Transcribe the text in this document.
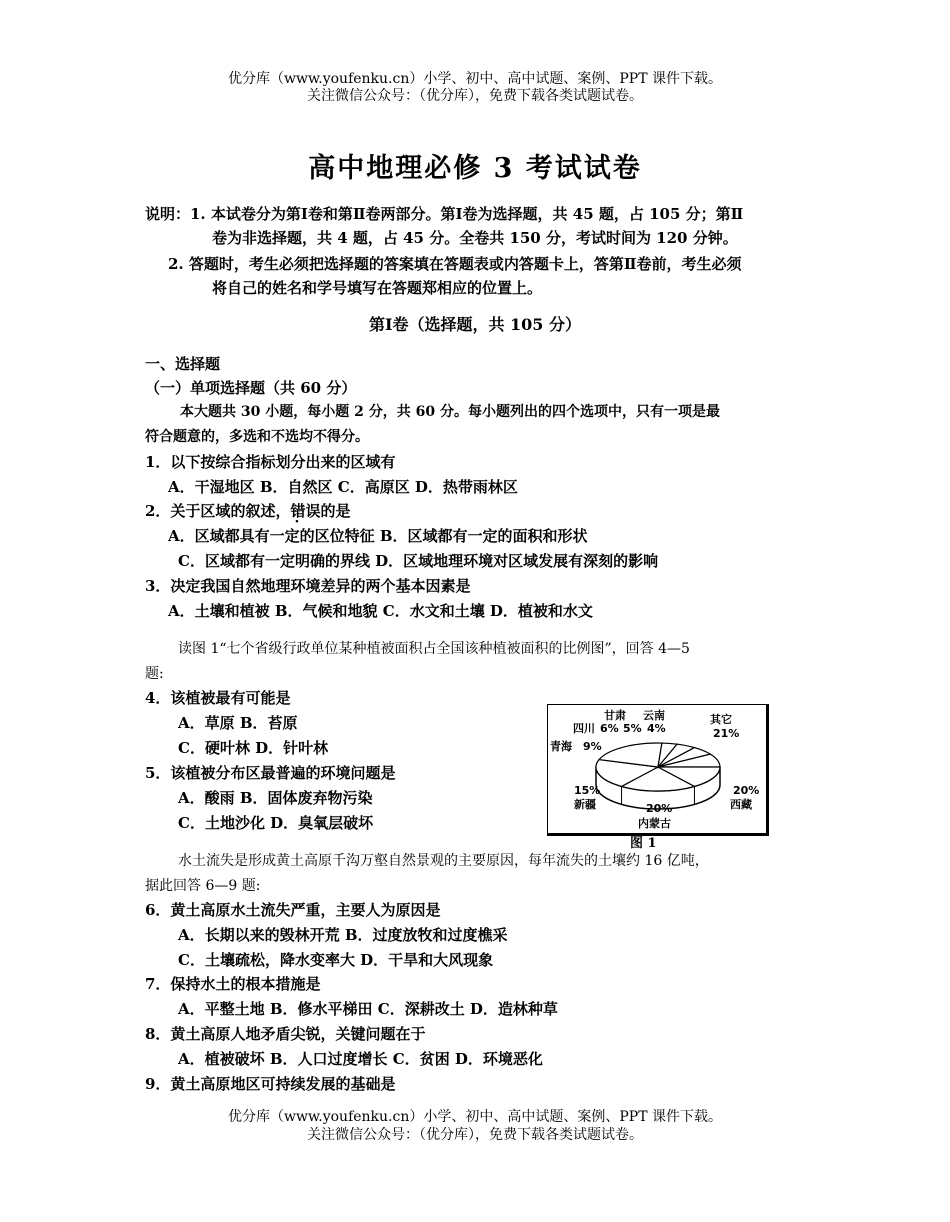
优分库（www.youfenku.cn）小学、初中、高中试题、案例、PPT 课件下载。
关注微信公众号：（优分库），免费下载各类试题试卷。
高中地理必修 3 考试试卷
说明：1. 本试卷分为第Ⅰ卷和第Ⅱ卷两部分。第Ⅰ卷为选择题，共 45 题，占 105 分；第Ⅱ
卷为非选择题，共 4 题，占 45 分。全卷共 150 分，考试时间为 120 分钟。
2. 答题时，考生必须把选择题的答案填在答题表或内答题卡上，答第Ⅱ卷前，考生必须
将自己的姓名和学号填写在答题郑相应的位置上。
第Ⅰ卷（选择题，共 105 分）
一、选择题
（一）单项选择题（共 60 分）
本大题共 30 小题，每小题 2 分，共 60 分。每小题列出的四个选项中，只有一项是最
符合题意的，多选和不选均不得分。
1．以下按综合指标划分出来的区域有
A．干湿地区 B．自然区 C．高原区 D．热带雨林区
2．关于区域的叙述，错误的是
A．区域都具有一定的区位特征 B．区域都有一定的面积和形状
C．区域都有一定明确的界线 D．区域地理环境对区域发展有深刻的影响
3．决定我国自然地理环境差异的两个基本因素是
A．土壤和植被 B．气候和地貌 C．水文和土壤 D．植被和水文
读图 1“七个省级行政单位某种植被面积占全国该种植被面积的比例图”，回答 4—5
题:
4．该植被最有可能是
A．草原 B．苔原
C．硬叶林 D．针叶林
5．该植被分布区最普遍的环境问题是
A．酸雨 B．固体废弃物污染
C．土地沙化 D．臭氧层破坏
甘肃 云南
四川 6% 5% 4%
青海 9%
其它
21%
15%
新疆	20%
内蒙古
20%
西藏
图 1
水土流失是形成黄土高原千沟万壑自然景观的主要原因，每年流失的土壤约 16 亿吨，
据此回答 6—9 题:
6．黄土高原水土流失严重，主要人为原因是
A．长期以来的毁林开荒 B．过度放牧和过度樵采
C．土壤疏松，降水变率大 D．干旱和大风现象
7．保持水土的根本措施是
A．平整土地 B．修水平梯田 C．深耕改土 D．造林种草
8．黄土高原人地矛盾尖锐，关键问题在于
A．植被破坏 B．人口过度增长 C．贫困 D．环境恶化
9．黄土高原地区可持续发展的基础是
优分库（www.youfenku.cn）小学、初中、高中试题、案例、PPT 课件下载。
关注微信公众号：（优分库），免费下载各类试题试卷。
